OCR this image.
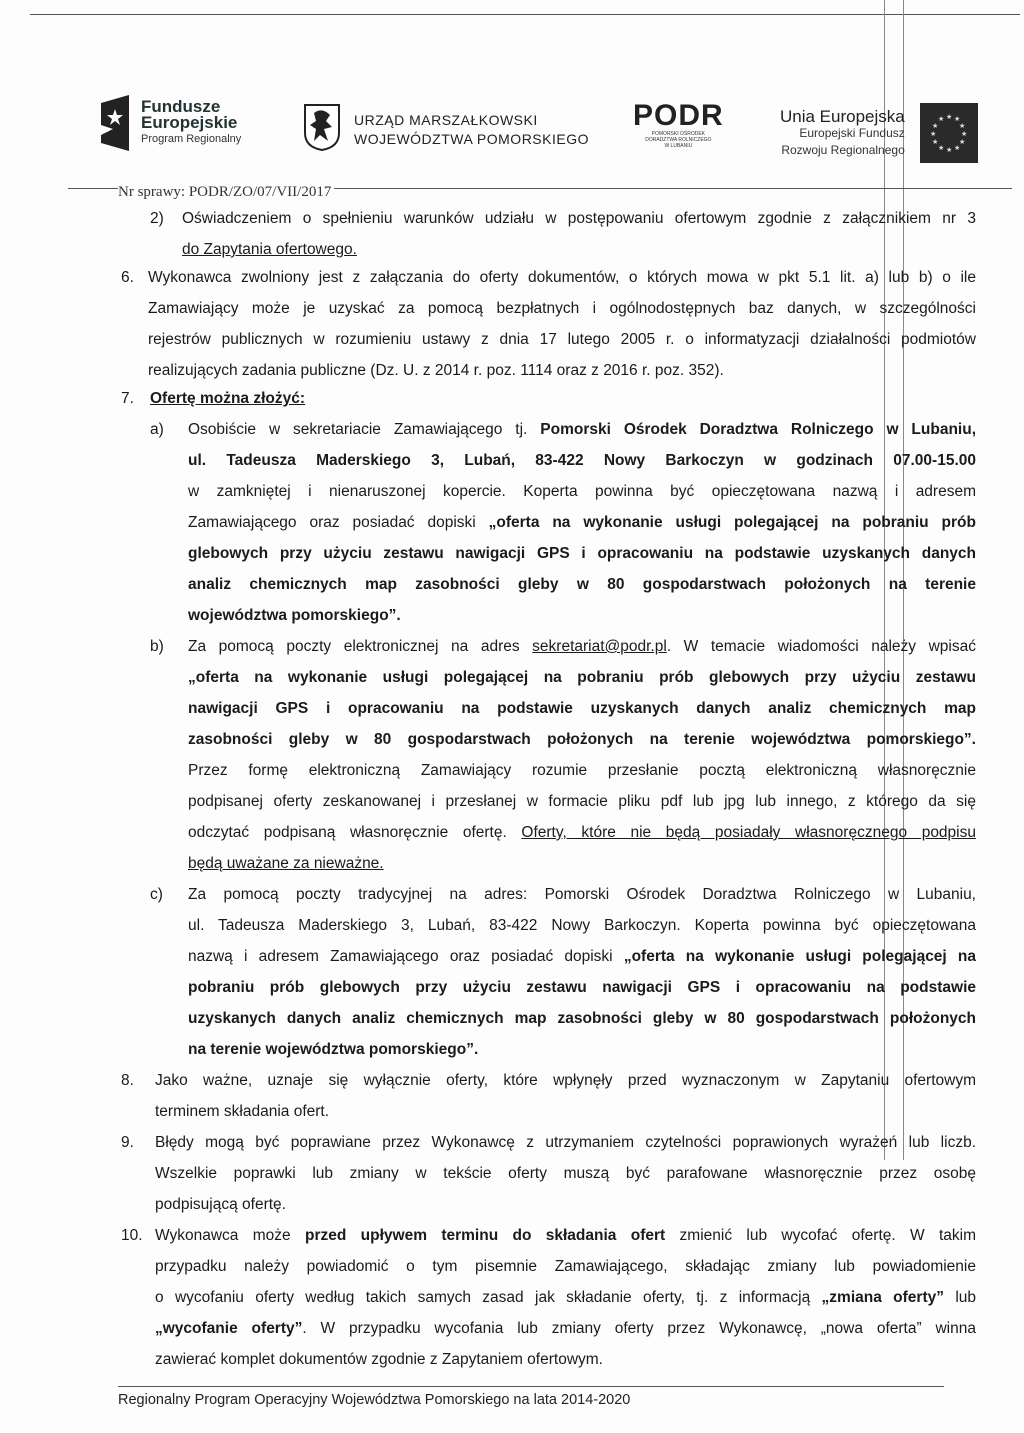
Fundusze
Europejskie
Program Regionalny
URZĄD MARSZAŁKOWSKI
WOJEWÓDZTWA POMORSKIEGO
PODR
POMORSKI OŚRODEK
DORADZTWA ROLNICZEGO
W LUBANIU
Unia Europejska
Europejski Fundusz
Rozwoju Regionalnego
★ ★
★
★
★
★
★
★
★
★
★
★
Nr sprawy: PODR/ZO/07/VII/2017
2) Oświadczeniem o spełnieniu warunków udziału w postępowaniu ofertowym zgodnie z załącznikiem nr 3
do Zapytania ofertowego.
6. Wykonawca zwolniony jest z załączania do oferty dokumentów, o których mowa w pkt 5.1 lit. a) lub b) o ile
Zamawiający może je uzyskać za pomocą bezpłatnych i ogólnodostępnych baz danych, w szczególności
rejestrów publicznych w rozumieniu ustawy z dnia 17 lutego 2005 r. o informatyzacji działalności podmiotów
realizujących zadania publiczne (Dz. U. z 2014 r. poz. 1114 oraz z 2016 r. poz. 352).
7. Ofertę można złożyć:
a) Osobiście w sekretariacie Zamawiającego tj. Pomorski Ośrodek Doradztwa Rolniczego w Lubaniu,
ul. Tadeusza Maderskiego 3, Lubań, 83-422 Nowy Barkoczyn w godzinach 07.00-15.00
w zamkniętej i nienaruszonej kopercie. Koperta powinna być opieczętowana nazwą i adresem
Zamawiającego oraz posiadać dopiski „oferta na wykonanie usługi polegającej na pobraniu prób
glebowych przy użyciu zestawu nawigacji GPS i opracowaniu na podstawie uzyskanych danych
analiz chemicznych map zasobności gleby w 80 gospodarstwach położonych na terenie
województwa pomorskiego”.
b) Za pomocą poczty elektronicznej na adres sekretariat@podr.pl. W temacie wiadomości należy wpisać
„oferta na wykonanie usługi polegającej na pobraniu prób glebowych przy użyciu zestawu
nawigacji GPS i opracowaniu na podstawie uzyskanych danych analiz chemicznych map
zasobności gleby w 80 gospodarstwach położonych na terenie województwa pomorskiego”.
Przez formę elektroniczną Zamawiający rozumie przesłanie pocztą elektroniczną własnoręcznie
podpisanej oferty zeskanowanej i przesłanej w formacie pliku pdf lub jpg lub innego, z którego da się
odczytać podpisaną własnoręcznie ofertę. Oferty, które nie będą posiadały własnoręcznego podpisu
będą uważane za nieważne.
c) Za pomocą poczty tradycyjnej na adres: Pomorski Ośrodek Doradztwa Rolniczego w Lubaniu,
ul. Tadeusza Maderskiego 3, Lubań, 83-422 Nowy Barkoczyn. Koperta powinna być opieczętowana
nazwą i adresem Zamawiającego oraz posiadać dopiski „oferta na wykonanie usługi polegającej na
pobraniu prób glebowych przy użyciu zestawu nawigacji GPS i opracowaniu na podstawie
uzyskanych danych analiz chemicznych map zasobności gleby w 80 gospodarstwach położonych
na terenie województwa pomorskiego”.
8. Jako ważne, uznaje się wyłącznie oferty, które wpłynęły przed wyznaczonym w Zapytaniu ofertowym
terminem składania ofert.
9. Błędy mogą być poprawiane przez Wykonawcę z utrzymaniem czytelności poprawionych wyrażeń lub liczb.
Wszelkie poprawki lub zmiany w tekście oferty muszą być parafowane własnoręcznie przez osobę
podpisującą ofertę.
10. Wykonawca może przed upływem terminu do składania ofert zmienić lub wycofać ofertę. W takim
przypadku należy powiadomić o tym pisemnie Zamawiającego, składając zmiany lub powiadomienie
o wycofaniu oferty według takich samych zasad jak składanie oferty, tj. z informacją „zmiana oferty” lub
„wycofanie oferty”. W przypadku wycofania lub zmiany oferty przez Wykonawcę, „nowa oferta” winna
zawierać komplet dokumentów zgodnie z Zapytaniem ofertowym.
Regionalny Program Operacyjny Województwa Pomorskiego na lata 2014-2020
